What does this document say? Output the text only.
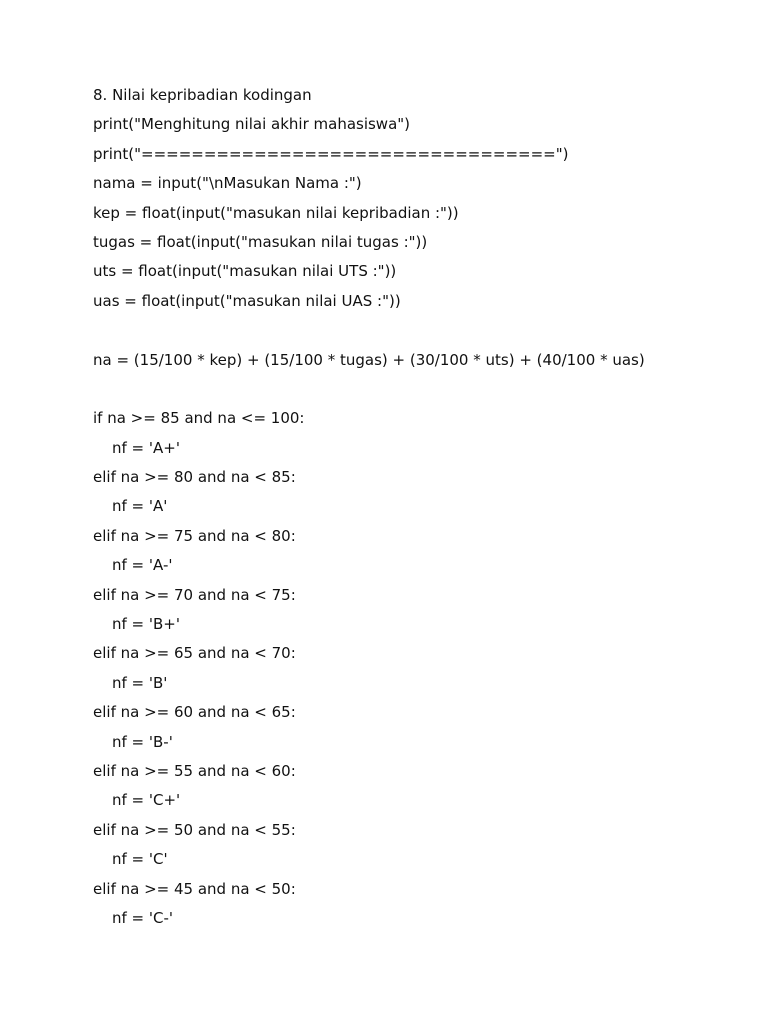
8. Nilai kepribadian kodingan
print("Menghitung nilai akhir mahasiswa")
print("=================================")
nama = input("\nMasukan Nama :")
kep = float(input("masukan nilai kepribadian :"))
tugas = float(input("masukan nilai tugas :"))
uts = float(input("masukan nilai UTS :"))
uas = float(input("masukan nilai UAS :"))
na = (15/100 * kep) + (15/100 * tugas) + (30/100 * uts) + (40/100 * uas)
if na >= 85 and na <= 100:
nf = 'A+'
elif na >= 80 and na < 85:
nf = 'A'
elif na >= 75 and na < 80:
nf = 'A-'
elif na >= 70 and na < 75:
nf = 'B+'
elif na >= 65 and na < 70:
nf = 'B'
elif na >= 60 and na < 65:
nf = 'B-'
elif na >= 55 and na < 60:
nf = 'C+'
elif na >= 50 and na < 55:
nf = 'C'
elif na >= 45 and na < 50:
nf = 'C-'
